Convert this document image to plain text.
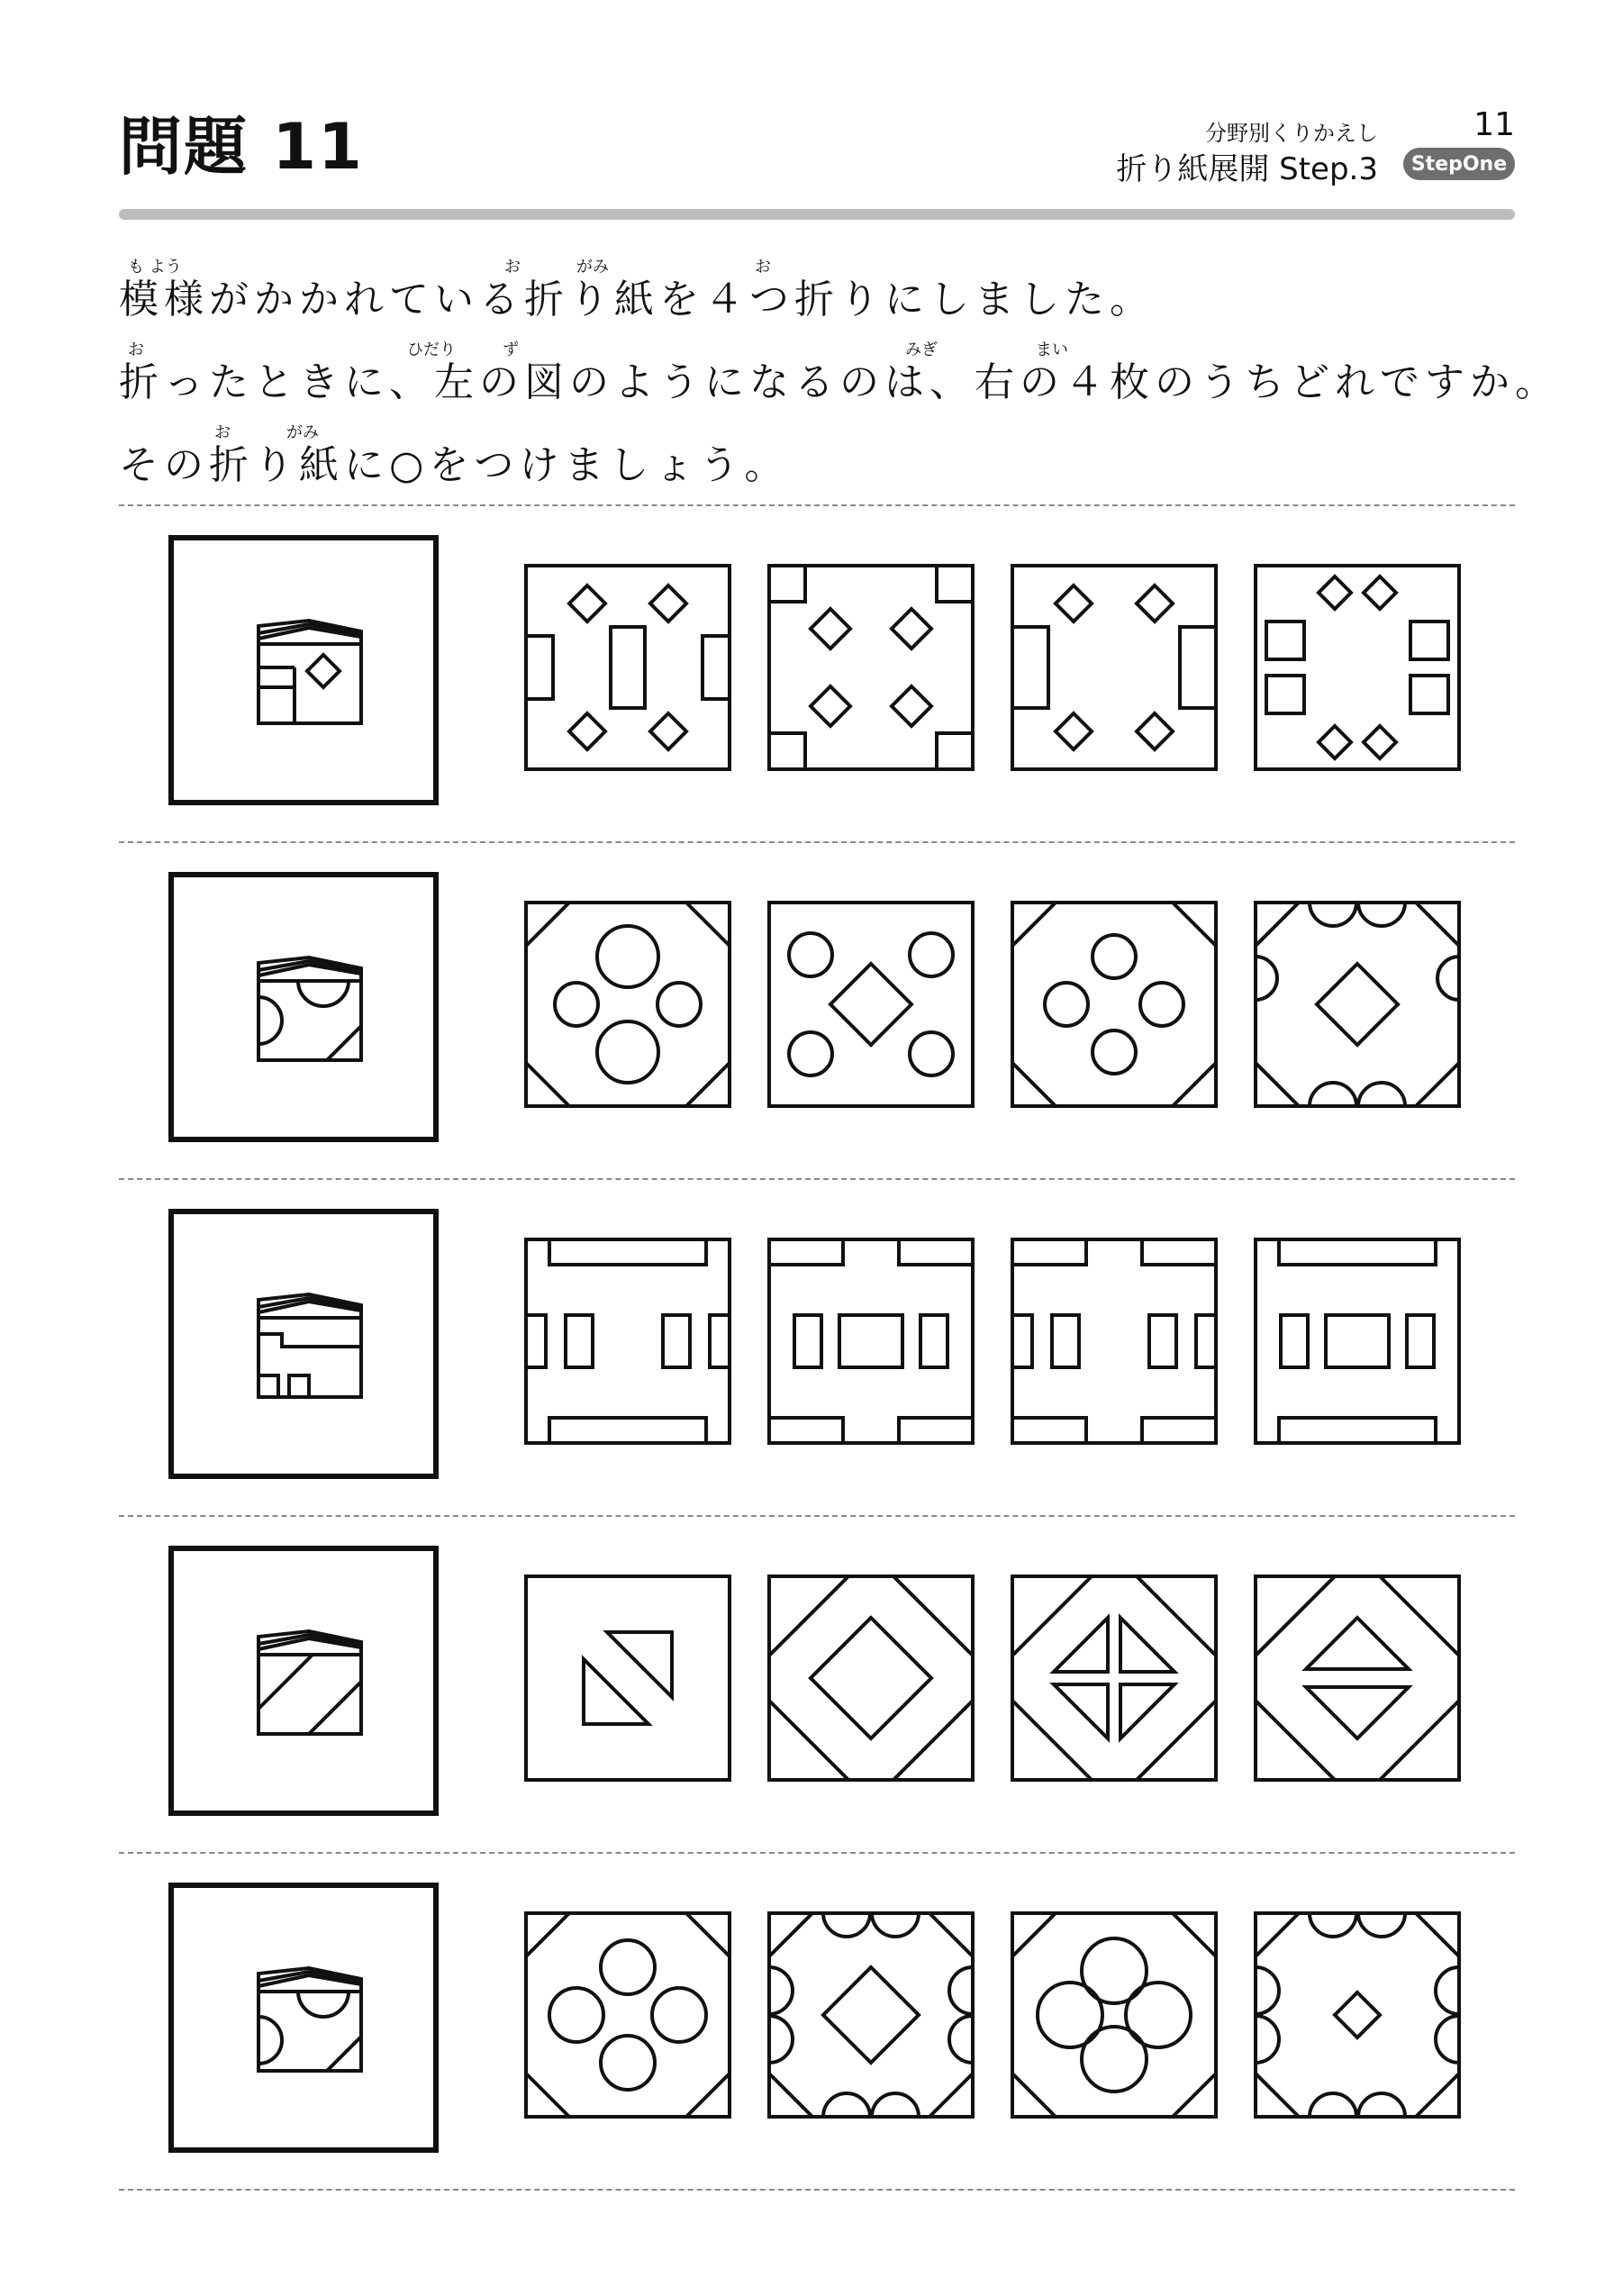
問題 11	分野別くりかえし	11
折り紙展開 Step.3	StepOne
も よう	お	がみ	お
模様がかかれている折り紙を４つ折りにしました。
お	ひだり	ず	みぎ	まい
折ったときに、左の図のようになるのは、右の４枚のうちどれですか。
お	がみ
その折り紙に○をつけましょう。
